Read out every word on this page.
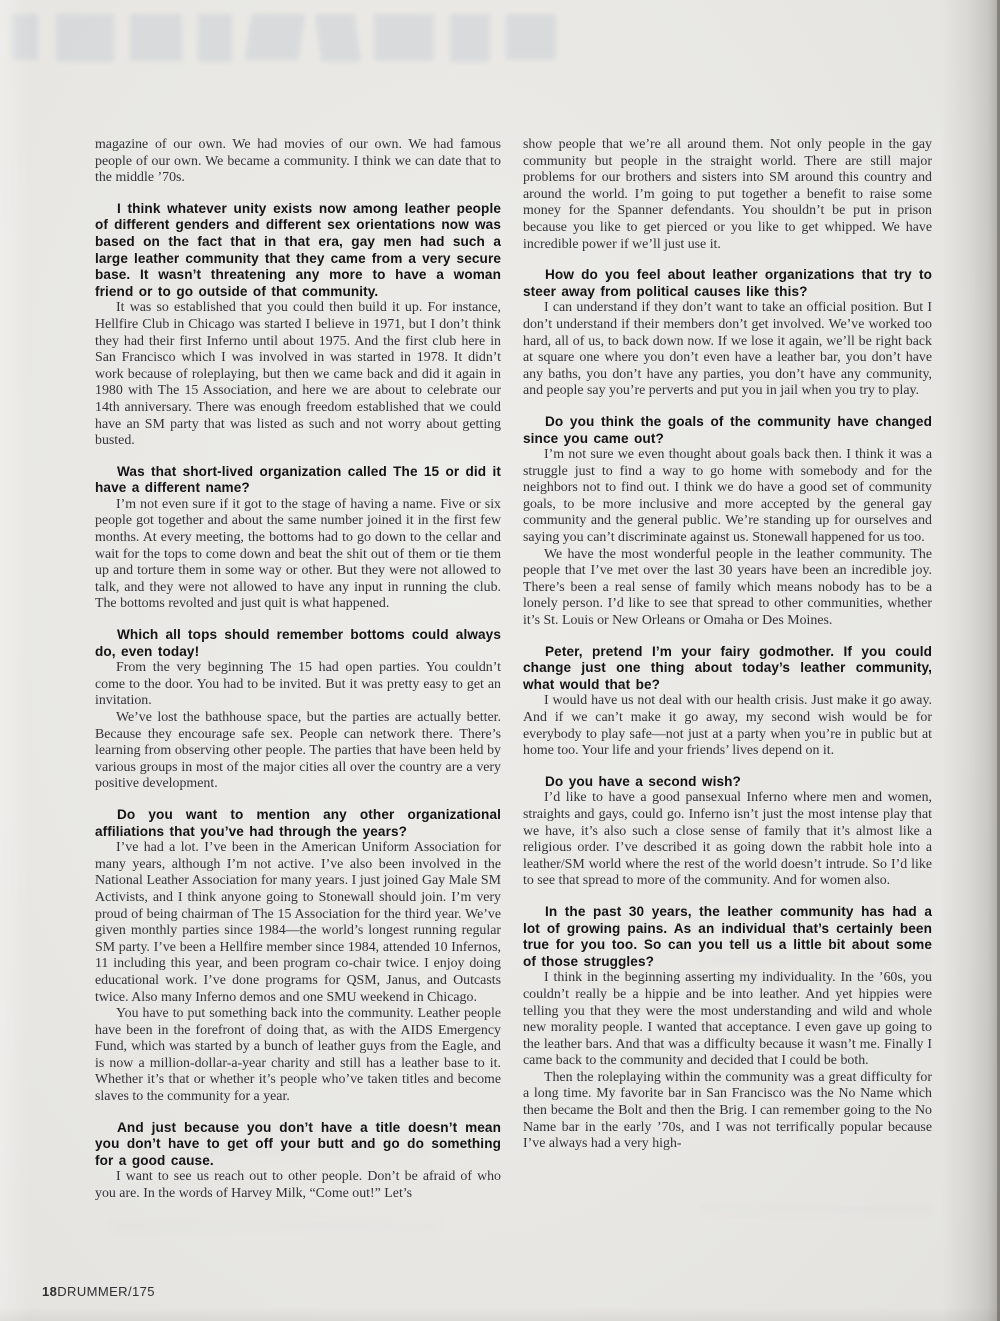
magazine of our own. We had movies of our own. We had famous people of our own. We became a community. I think we can date that to the middle ’70s.

I think whatever unity exists now among leather people of different genders and different sex orientations now was based on the fact that in that era, gay men had such a large leather community that they came from a very secure base. It wasn’t threatening any more to have a woman friend or to go outside of that community.

It was so established that you could then build it up. For instance, Hellfire Club in Chicago was started I believe in 1971, but I don’t think they had their first Inferno until about 1975. And the first club here in San Francisco which I was involved in was started in 1978. It didn’t work because of roleplaying, but then we came back and did it again in 1980 with The 15 Association, and here we are about to celebrate our 14th anniversary. There was enough freedom established that we could have an SM party that was listed as such and not worry about getting busted.

Was that short-lived organization called The 15 or did it have a different name?

I’m not even sure if it got to the stage of having a name. Five or six people got together and about the same number joined it in the first few months. At every meeting, the bottoms had to go down to the cellar and wait for the tops to come down and beat the shit out of them or tie them up and torture them in some way or other. But they were not allowed to talk, and they were not allowed to have any input in running the club. The bottoms revolted and just quit is what happened.

Which all tops should remember bottoms could always do, even today!

From the very beginning The 15 had open parties. You couldn’t come to the door. You had to be invited. But it was pretty easy to get an invitation.

We’ve lost the bathhouse space, but the parties are actually better. Because they encourage safe sex. People can network there. There’s learning from observing other people. The parties that have been held by various groups in most of the major cities all over the country are a very positive development.

Do you want to mention any other organizational affiliations that you’ve had through the years?

I’ve had a lot. I’ve been in the American Uniform Association for many years, although I’m not active. I’ve also been involved in the National Leather Association for many years. I just joined Gay Male SM Activists, and I think anyone going to Stonewall should join. I’m very proud of being chairman of The 15 Association for the third year. We’ve given monthly parties since 1984—the world’s longest running regular SM party. I’ve been a Hellfire member since 1984, attended 10 Infernos, 11 including this year, and been program co-chair twice. I enjoy doing educational work. I’ve done programs for QSM, Janus, and Outcasts twice. Also many Inferno demos and one SMU weekend in Chicago.

You have to put something back into the community. Leather people have been in the forefront of doing that, as with the AIDS Emergency Fund, which was started by a bunch of leather guys from the Eagle, and is now a million-dollar-a-year charity and still has a leather base to it. Whether it’s that or whether it’s people who’ve taken titles and become slaves to the community for a year.

And just because you don’t have a title doesn’t mean you don’t have to get off your butt and go do something for a good cause.

I want to see us reach out to other people. Don’t be afraid of who you are. In the words of Harvey Milk, “Come out!” Let’s

show people that we’re all around them. Not only people in the gay community but people in the straight world. There are still major problems for our brothers and sisters into SM around this country and around the world. I’m going to put together a benefit to raise some money for the Spanner defendants. You shouldn’t be put in prison because you like to get pierced or you like to get whipped. We have incredible power if we’ll just use it.

How do you feel about leather organizations that try to steer away from political causes like this?

I can understand if they don’t want to take an official position. But I don’t understand if their members don’t get involved. We’ve worked too hard, all of us, to back down now. If we lose it again, we’ll be right back at square one where you don’t even have a leather bar, you don’t have any baths, you don’t have any parties, you don’t have any community, and people say you’re perverts and put you in jail when you try to play.

Do you think the goals of the community have changed since you came out?

I’m not sure we even thought about goals back then. I think it was a struggle just to find a way to go home with somebody and for the neighbors not to find out. I think we do have a good set of community goals, to be more inclusive and more accepted by the general gay community and the general public. We’re standing up for ourselves and saying you can’t discriminate against us. Stonewall happened for us too.

We have the most wonderful people in the leather community. The people that I’ve met over the last 30 years have been an incredible joy. There’s been a real sense of family which means nobody has to be a lonely person. I’d like to see that spread to other communities, whether it’s St. Louis or New Orleans or Omaha or Des Moines.

Peter, pretend I’m your fairy godmother. If you could change just one thing about today’s leather community, what would that be?

I would have us not deal with our health crisis. Just make it go away. And if we can’t make it go away, my second wish would be for everybody to play safe—not just at a party when you’re in public but at home too. Your life and your friends’ lives depend on it.

Do you have a second wish?

I’d like to have a good pansexual Inferno where men and women, straights and gays, could go. Inferno isn’t just the most intense play that we have, it’s also such a close sense of family that it’s almost like a religious order. I’ve described it as going down the rabbit hole into a leather/SM world where the rest of the world doesn’t intrude. So I’d like to see that spread to more of the community. And for women also.

In the past 30 years, the leather community has had a lot of growing pains. As an individual that’s certainly been true for you too. So can you tell us a little bit about some of those struggles?

I think in the beginning asserting my individuality. In the ’60s, you couldn’t really be a hippie and be into leather. And yet hippies were telling you that they were the most understanding and wild and whole new morality people. I wanted that acceptance. I even gave up going to the leather bars. And that was a difficulty because it wasn’t me. Finally I came back to the community and decided that I could be both.

Then the roleplaying within the community was a great difficulty for a long time. My favorite bar in San Francisco was the No Name which then became the Bolt and then the Brig. I can remember going to the No Name bar in the early ’70s, and I was not terrifically popular because I’ve always had a very high-

18DRUMMER/175
